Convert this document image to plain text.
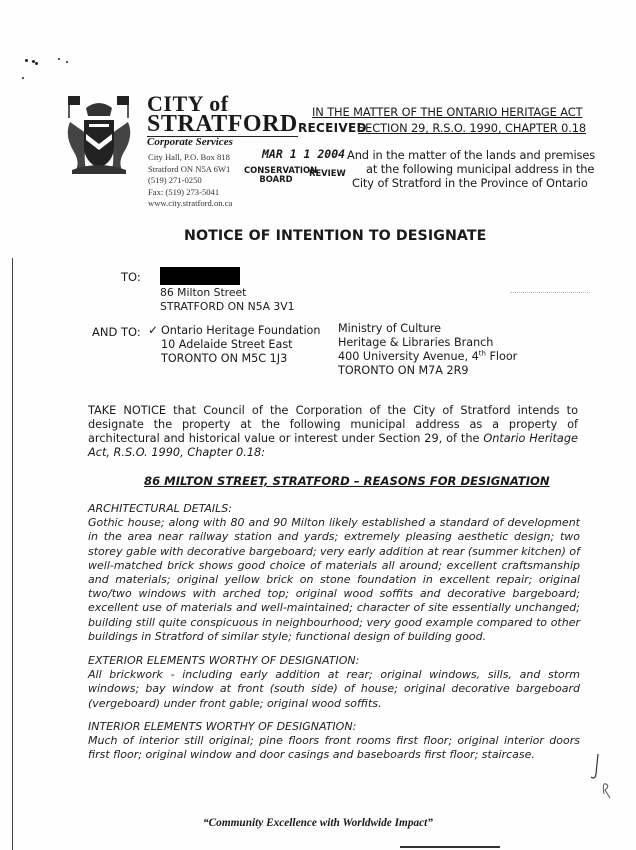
CITY of
STRATFORD
Corporate Services
City Hall, P.O. Box 818
Stratford ON N5A 6W1
(519) 271-0250
Fax: (519) 273-5041
www.city.stratford.on.ca
RECEIVED
MAR 1 1 2004
CONSERVATION
BOARD
REVIEW
IN THE MATTER OF THE ONTARIO HERITAGE ACT
SECTION 29, R.S.O. 1990, CHAPTER 0.18
And in the matter of the lands and premises
at the following municipal address in the
City of Stratford in the Province of Ontario
NOTICE OF INTENTION TO DESIGNATE
TO:
86 Milton Street
STRATFORD ON N5A 3V1
AND TO: ✓ Ontario Heritage Foundation
10 Adelaide Street East
TORONTO ON M5C 1J3
Ministry of Culture
Heritage & Libraries Branch
400 University Avenue, 4th Floor
TORONTO ON M7A 2R9
TAKE NOTICE that Council of the Corporation of the City of Stratford intends to designate the property at the following municipal address as a property of architectural and historical value or interest under Section 29, of the Ontario Heritage Act, R.S.O. 1990, Chapter 0.18:
86 MILTON STREET, STRATFORD – REASONS FOR DESIGNATION
ARCHITECTURAL DETAILS:
Gothic house; along with 80 and 90 Milton likely established a standard of development in the area near railway station and yards; extremely pleasing aesthetic design; two storey gable with decorative bargeboard; very early addition at rear (summer kitchen) of well-matched brick shows good choice of materials all around; excellent craftsmanship and materials; original yellow brick on stone foundation in excellent repair; original two/two windows with arched top; original wood soffits and decorative bargeboard; excellent use of materials and well-maintained; character of site essentially unchanged; building still quite conspicuous in neighbourhood; very good example compared to other buildings in Stratford of similar style; functional design of building good.
EXTERIOR ELEMENTS WORTHY OF DESIGNATION:
All brickwork - including early addition at rear; original windows, sills, and storm windows; bay window at front (south side) of house; original decorative bargeboard (vergeboard) under front gable; original wood soffits.
INTERIOR ELEMENTS WORTHY OF DESIGNATION:
Much of interior still original; pine floors front rooms first floor; original interior doors first floor; original window and door casings and baseboards first floor; staircase.
“Community Excellence with Worldwide Impact”
